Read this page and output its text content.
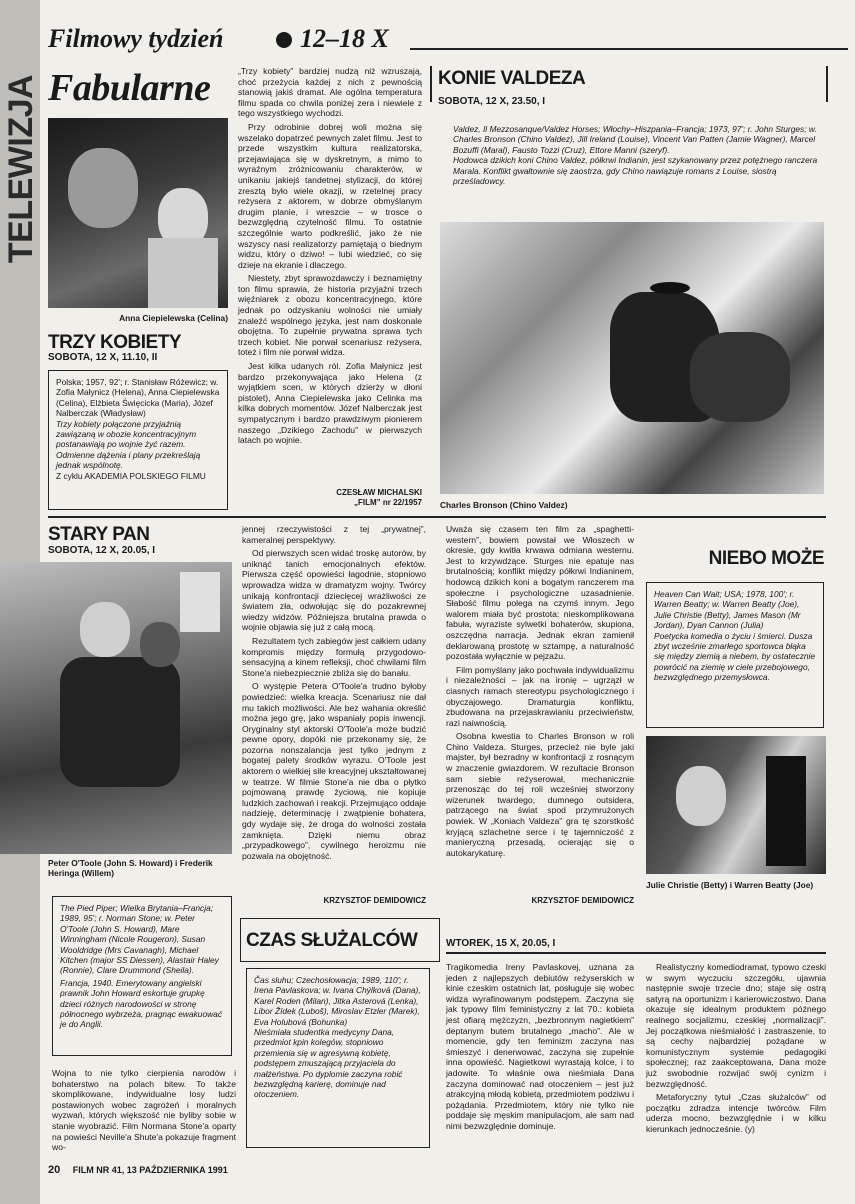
TELEWIZJA
Filmowy tydzień	12–18 X
Fabularne
Anna Ciepielewska (Celina)
TRZY KOBIETY
SOBOTA, 12 X, 11.10, II
Polska; 1957, 92'; r. Stanisław Różewicz; w. Zofia Małynicz (Helena), Anna Ciepielewska (Celina), Elżbieta Święcicka (Maria), Józef Nalberczak (Władysław)
Trzy kobiety połączone przyjaźnią zawiązaną w obozie koncentracyjnym postanawiają po wojnie żyć razem. Odmienne dążenia i plany przekreślają jednak wspólnotę.
Z cyklu AKADEMIA POLSKIEGO FILMU

„Trzy kobiety” bardziej nudzą niż wzruszają, choć przeżycia każdej z nich z pewnością stanowią jakiś dramat. Ale ogólna temperatura filmu spada co chwila poniżej zera i niewiele z tego wszystkiego wychodzi.

Przy odrobinie dobrej woli można się wszelako dopatrzeć pewnych zalet filmu. Jest to przede wszystkim kultura realizatorska, przejawiająca się w dyskretnym, a mimo to wyraźnym zróżnicowaniu charakterów, w unikaniu jakiejś tandetnej stylizacji, do której zresztą było wiele okazji, w rzetelnej pracy reżysera z aktorem, w dobrze obmyślanym drugim planie, i wreszcie – w trosce o bezwzględną czytelność filmu. To ostatnie szczególnie warto podkreślić, jako że nie wszyscy nasi realizatorzy pamiętają o biednym widzu, który o dziwo! – lubi wiedzieć, co się dzieje na ekranie i dlaczego.

Niestety, zbyt sprawozdawczy i beznamiętny ton filmu sprawia, że historia przyjaźni trzech więźniarek z obozu koncentracyjnego, które jednak po odzyskaniu wolności nie umiały znaleźć wspólnego języka, jest nam doskonale obojętna. To zupełnie prywatna sprawa tych trzech kobiet. Nie porwał scenariusz reżysera, toteż i film nie porwał widza.

Jest kilka udanych ról. Zofia Małynicz jest bardzo przekonywająca jako Helena (z wyjątkiem scen, w których dzierży w dłoni pistolet), Anna Ciepielewska jako Celinka ma kilka dobrych momentów. Józef Nalberczak jest sympatycznym i bardzo prawdziwym pionierem naszego „Dzikiego Zachodu” w pierwszych latach po wojnie.

CZESŁAW MICHALSKI
„FILM” nr 22/1957
KONIE VALDEZA
SOBOTA, 12 X, 23.50, I
Valdez, Il Mezzosanque/Valdez Horses; Włochy–Hiszpania–Francja; 1973, 97'; r. John Sturges; w. Charles Bronson (Chino Valdez), Jill Ireland (Louise), Vincent Van Patten (Jamie Wagner), Marcel Bozuffi (Maral), Fausto Tozzi (Cruz), Ettore Manni (szeryf).
Hodowca dzikich koni Chino Valdez, półkrwi Indianin, jest szykanowany przez potężnego ranczera Marala. Konflikt gwałtownie się zaostrza, gdy Chino nawiązuje romans z Louise, siostrą prześladowcy.
Charles Bronson (Chino Valdez)
STARY PAN
SOBOTA, 12 X, 20.05, I
Peter O'Toole (John S. Howard) i Frederik Heringa (Willem)

jennej rzeczywistości z tej „prywatnej”, kameralnej perspektywy.

Od pierwszych scen widać troskę autorów, by uniknąć tanich emocjonalnych efektów. Pierwsza część opowieści łagodnie, stopniowo wprowadza widza w dramatyzm wojny. Twórcy unikają konfrontacji dziecięcej wrażliwości ze światem zła, odwołując się do pozakrewnej wiedzy widzów. Późniejsza brutalna prawda o wojnie objawia się już z całą mocą.

Rezultatem tych zabiegów jest całkiem udany kompromis między formułą przygodowo-sensacyjną a kinem refleksji, choć chwilami film Stone'a niebezpiecznie zbliża się do banału.

O występie Petera O'Toole'a trudno byłoby powiedzieć: wielka kreacja. Scenariusz nie dał mu takich możliwości. Ale bez wahania określić można jego grę, jako wspaniały popis inwencji. Oryginalny styl aktorski O'Toole'a może budzić pewne opory, dopóki nie przekonamy się, że pozorna nonszalancja jest tylko jednym z bogatej palety środków wyrazu. O'Toole jest aktorem o wielkiej sile kreacyjnej ukształtowanej w teatrze. W filmie Stone'a nie dba o płytko pojmowaną prawdę życiową, nie kopiuje ludzkich zachowań i reakcji. Przejmująco oddaje nadzieję, determinację i zwątpienie bohatera, gdy wydaje się, że droga do wolności została zamknięta. Dzięki niemu obraz „przypadkowego”, cywilnego heroizmu nie pozwala na obojętność.

KRZYSZTOF DEMIDOWICZ
The Pied Piper; Wielka Brytania–Francja; 1989, 95'; r. Norman Stone; w. Peter O'Toole (John S. Howard), Mare Winningham (Nicole Rougeron), Susan Wooldridge (Mrs Cavanagh), Michael Kitchen (major SS Diessen), Alastair Haley (Ronnie), Clare Drummond (Sheila).
Francja, 1940. Emerytowany angielski prawnik John Howard eskortuje grupkę dzieci różnych narodowości w stronę północnego wybrzeża, pragnąc ewakuować je do Anglii.
Wojna to nie tylko cierpienia narodów i bohaterstwo na polach bitew. To także skomplikowane, indywidualne losy ludzi postawionych wobec zagrożeń i moralnych wyzwań, których większość nie byliby sobie w stanie wyobrazić. Film Normana Stone'a oparty na powieści Neville'a Shute'a pokazuje fragment wo-

Uważa się czasem ten film za „spaghetti-western”, bowiem powstał we Włoszech w okresie, gdy kwitła krwawa odmiana westernu. Jest to krzywdzące. Sturges nie epatuje nas brutalnością; konflikt między półkrwi Indianinem, hodowcą dzikich koni a bogatym ranczerem ma społeczne i psychologiczne uzasadnienie. Słabość filmu polega na czymś innym. Jego walorem miała być prostota: nieskomplikowana fabuła, wyraziste sylwetki bohaterów, skupiona, oszczędna narracja. Jednak ekran zamienił deklarowaną prostotę w sztampę, a naturalność pozostała wyłącznie w pejzażu.

Film pomyślany jako pochwała indywidualizmu i niezależności – jak na ironię – ugrzązł w ciasnych ramach stereotypu psychologicznego i obyczajowego. Dramaturgia konfliktu, zbudowana na przejaskrawianiu przeciwieństw, razi naiwnością.

Osobna kwestia to Charles Bronson w roli Chino Valdeza. Sturges, przecież nie byle jaki majster, był bezradny w konfrontacji z rosnącym w znaczenie gwiazdorem. W rezultacie Bronson sam siebie reżyserował, mechanicznie przenosząc do tej roli wcześniej stworzony wizerunek twardego, dumnego outsidera, patrzącego na świat spod przymrużonych powiek. W „Koniach Valdeza” gra tę szorstkość kryjącą szlachetne serce i tę tajemniczość z manieryczną przesadą, ocierając się o autokarykaturę.

KRZYSZTOF DEMIDOWICZ
NIEBO MOŻE
Heaven Can Wait; USA; 1978, 100'; r. Warren Beatty; w. Warren Beatty (Joe), Julie Christie (Betty), James Mason (Mr Jordan), Dyan Cannon (Julia)
Poetycka komedia o życiu i śmierci. Dusza zbyt wcześnie zmarłego sportowca błąka się między ziemią a niebem, by ostatecznie powrócić na ziemię w ciele przebojowego, bezwzględnego przemysłowca.
Julie Christie (Betty) i Warren Beatty (Joe)
CZAS SŁUŻALCÓW	WTOREK, 15 X, 20.05, I
Čas sluhu; Czechosłowacja; 1989, 110'; r. Irena Pavlaskova; w. Ivana Chýlková (Dana), Karel Roden (Milan), Jitka Asterová (Lenka), Libor Žídek (Luboš), Miroslav Etzler (Marek), Eva Holubová (Bohunka)
Nieśmiała studentka medycyny Dana, przedmiot kpin kolegów, stopniowo przemienia się w agresywną kobietę, podstępem zmuszającą przyjaciela do małżeństwa. Po dyplomie zaczyna robić bezwzględną karierę, dominuje nad otoczeniem.
Tragikomedia Ireny Pavlaskovej, uznana za jeden z najlepszych debiutów reżyserskich w kinie czeskim ostatnich lat, posługuje się wobec widza wyrafinowanym podstępem. Zaczyna się jak typowy film feministyczny z lat 70.: kobieta jest ofiarą mężczyzn, „bezbronnym nagietkiem” deptanym butem brutalnego „macho”. Ale w momencie, gdy ten feminizm zaczyna nas śmieszyć i denerwować, zaczyna się zupełnie inna opowieść. Nagietkowi wyrastają kolce, i to jadowite. To właśnie owa nieśmiała Dana zaczyna dominować nad otoczeniem – jest już atrakcyjną młodą kobietą, przedmiotem podziwu i pożądania. Przedmiotem, który nie tylko nie poddaje się męskim manipulacjom, ale sam nad nimi bezwzględnie dominuje.

Realistyczny komediodramat, typowo czeski w swym wyczuciu szczegółu, ujawnia następnie swoje trzecie dno; staje się ostrą satyrą na oportunizm i karierowiczostwo. Dana okazuje się idealnym produktem późnego realnego socjalizmu, czeskiej „normalizacji”. Jej początkowa nieśmiałość i zastraszenie, to są cechy najbardziej pożądane w komunistycznym systemie pedagogiki społecznej; raz zaakceptowana, Dana może już swobodnie rozwijać swój cynizm i bezwzględność.

Metaforyczny tytuł „Czas służalców” od początku zdradza intencje twórców. Film uderza mocno, bezwzględnie i w kilku kierunkach jednocześnie. (y)

20 FILM NR 41, 13 PAŹDZIERNIKA 1991
